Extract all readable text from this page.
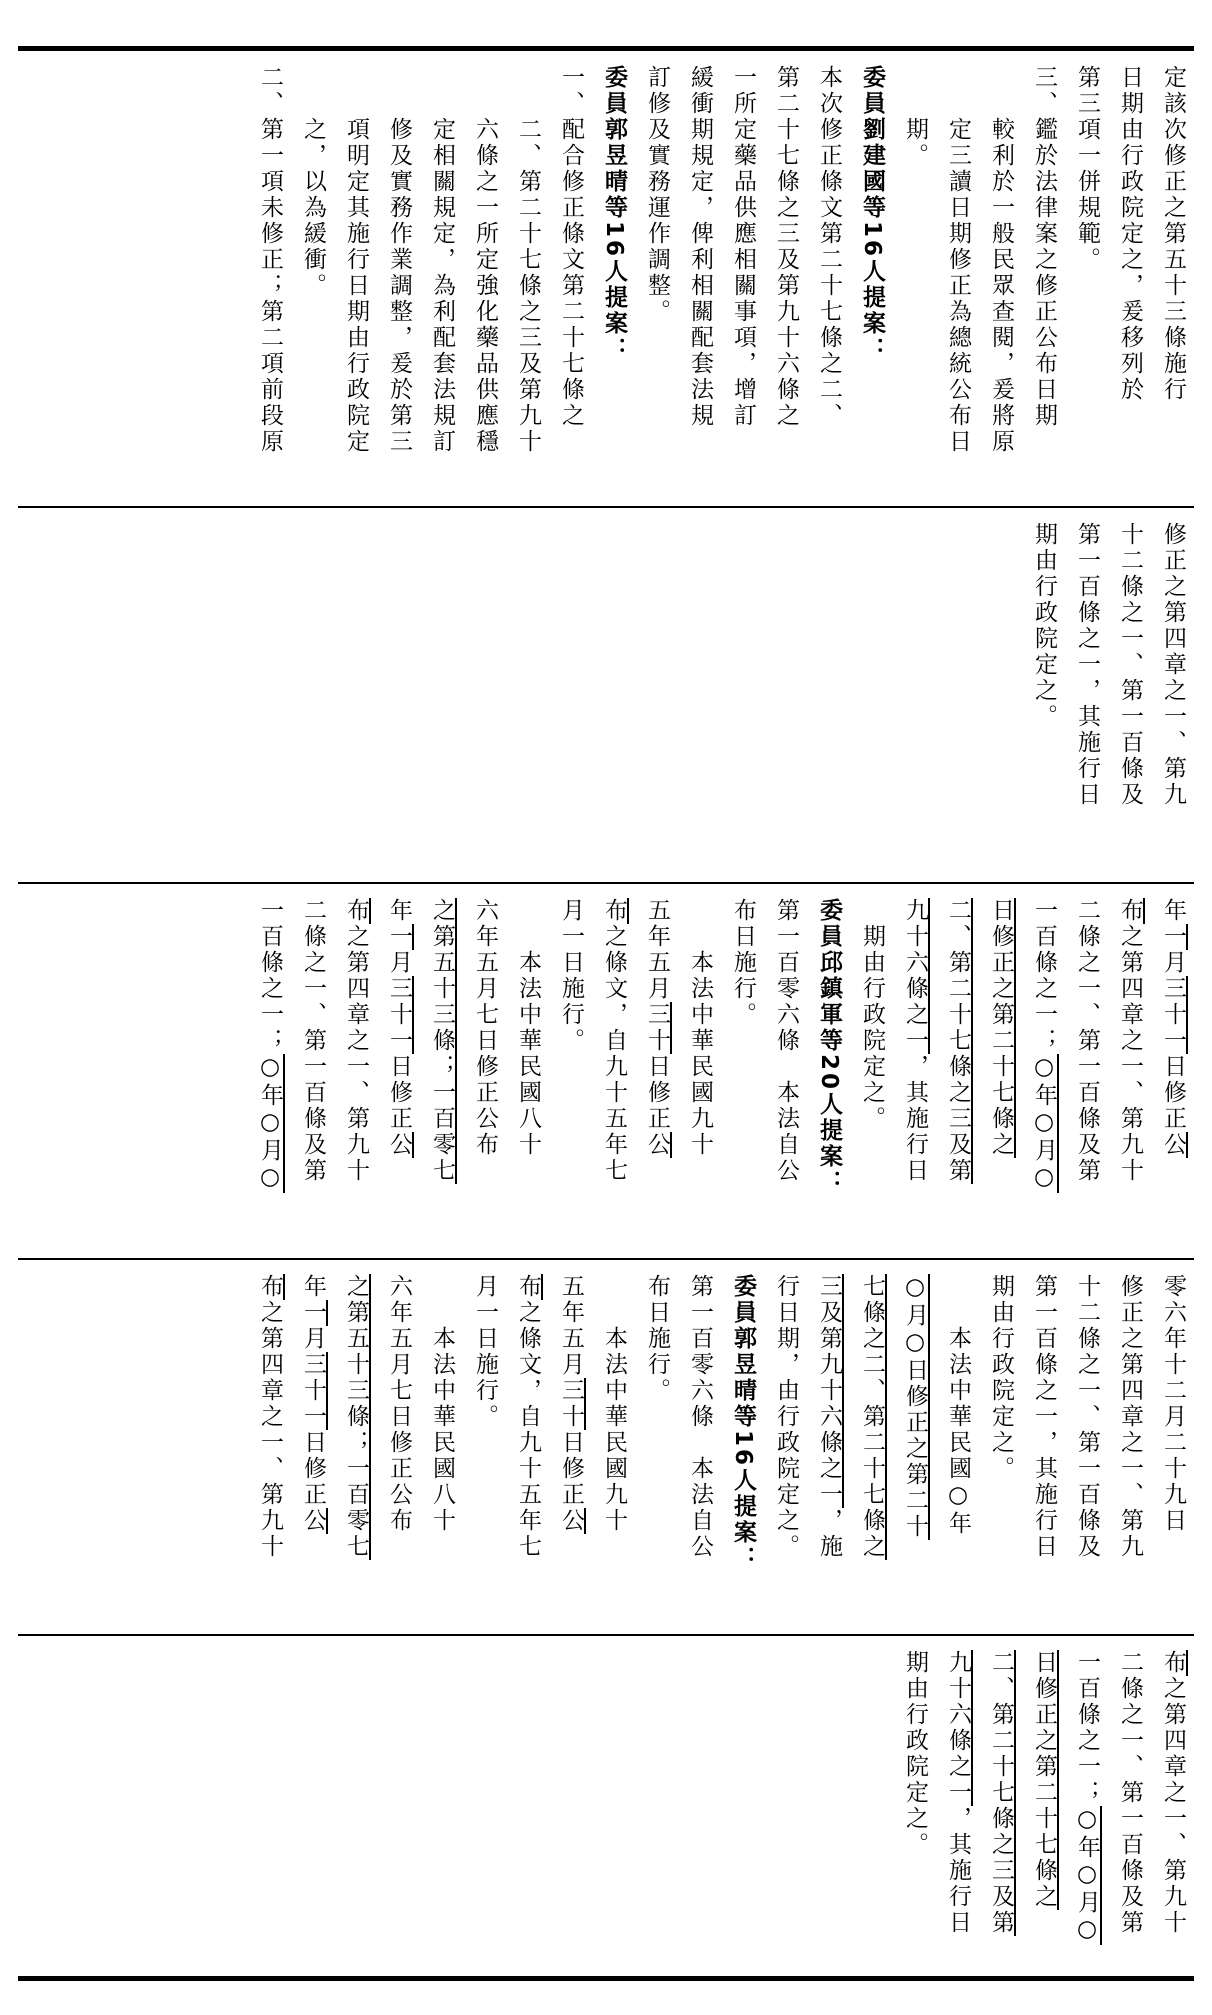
定該次修正之第五十三條施行
日期由行政院定之，爰移列於
第三項一併規範。
三、鑑於法律案之修正公布日期
　　較利於一般民眾查閱，爰將原
　　定三讀日期修正為總統公布日
　　期。
委員劉建國等16人提案：
本次修正條文第二十七條之二、
第二十七條之三及第九十六條之
一所定藥品供應相關事項，增訂
緩衝期規定，俾利相關配套法規
訂修及實務運作調整。
委員郭昱晴等16人提案：
一、配合修正條文第二十七條之
　　二、第二十七條之三及第九十
　　六條之一所定強化藥品供應穩
　　定相關規定，為利配套法規訂
　　修及實務作業調整，爰於第三
　　項明定其施行日期由行政院定
　　之，以為緩衝。
二、第一項未修正；第二項前段原
修正之第四章之一、第九
十二條之一、第一百條及
第一百條之一，其施行日
期由行政院定之。
年一月三十一日修正公
布之第四章之一、第九十
二條之一、第一百條及第
一百條之一；○年○月○
日修正之第二十七條之
二、第二十七條之三及第
九十六條之一，其施行日
　期由行政院定之。
委員邱鎮軍等20人提案：
第一百零六條　本法自公
布日施行。
　　本法中華民國九十
五年五月三十日修正公
布之條文，自九十五年七
月一日施行。
　　本法中華民國八十
六年五月七日修正公布
之第五十三條；一百零七
年一月三十一日修正公
布之第四章之一、第九十
二條之一、第一百條及第
一百條之一；○年○月○
零六年十二月二十九日
修正之第四章之一、第九
十二條之一、第一百條及
第一百條之一，其施行日
期由行政院定之。
　　本法中華民國○年
○月○日修正之第二十
七條之二、第二十七條之
三及第九十六條之一，施
行日期，由行政院定之。
委員郭昱晴等16人提案：
第一百零六條　本法自公
布日施行。
　　本法中華民國九十
五年五月三十日修正公
布之條文，自九十五年七
月一日施行。
　　本法中華民國八十
六年五月七日修正公布
之第五十三條；一百零七
年一月三十一日修正公
布之第四章之一、第九十
布之第四章之一、第九十
二條之一、第一百條及第
一百條之一；○年○月○
日修正之第二十七條之
二、第二十七條之三及第
九十六條之一，其施行日
期由行政院定之。
